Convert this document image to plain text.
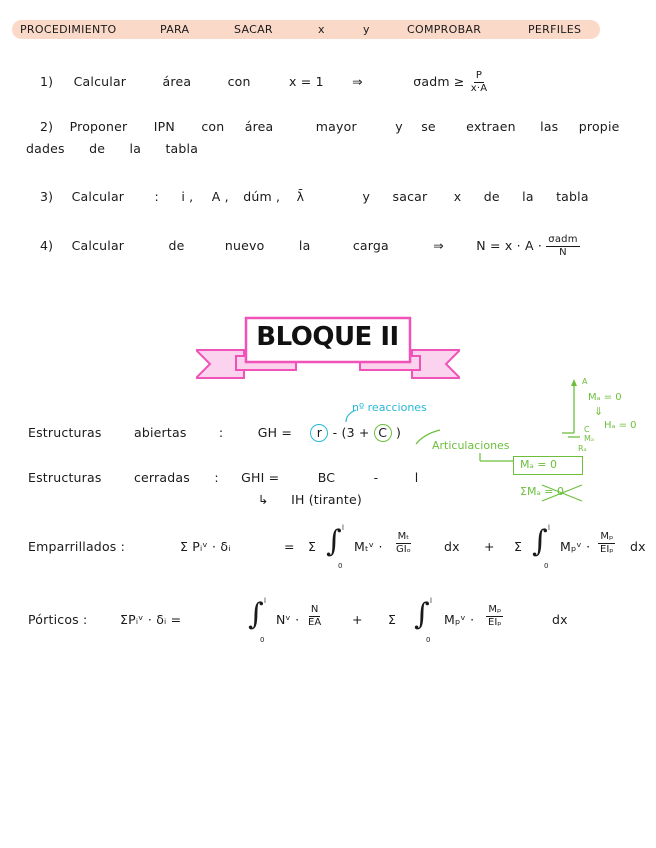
PROCEDIMIENTO	PARA	SACAR	x	y	COMPROBAR	PERFILES
1) Calcular	área	con	x = 1 ⇒	$\sigma adm \ge \frac{P}{x\cdot A}$
2) Proponer IPN con área	mayor	y se extraen las propie
dades de la tabla
3) Calcular : i , A , dúm , λ̄	y sacar x de la tabla
4) Calcular	de	nuevo	la	carga	⇒	$N = x \cdot A \cdot \frac{\text{σadm}}{N}$
BLOQUE II
Estructuras	abiertas	:	GH = r - (3 + C )
nº reacciones
Articulaciones
A
Mₐ = 0
⇓
Hₐ = 0
C
Mₐ
Rₐ
Mₐ = 0
ΣMₐ = 0
Estructuras	cerradas : GHI =	BC	-	l
↳ IH (tirante)
Emparrillados :	Σ Pᵢᵛ · δᵢ	= Σ ∫ l
0
Mₜᵛ · $\frac{\text{Mₜ}}{\text{GIₒ}}$ dx + Σ ∫ l
0
Mₚᵛ · $\frac{\text{Mₚ}}{\text{EIₚ}}$ dx
Pórticos :	ΣPᵢᵛ · δᵢ = ∫ l
0
Nᵛ · $\frac{N}{EA} + \Sigma$ ∫ l
0
Mₚᵛ · $\frac{\text{Mₚ}}{\text{EIₚ}}$	dx
